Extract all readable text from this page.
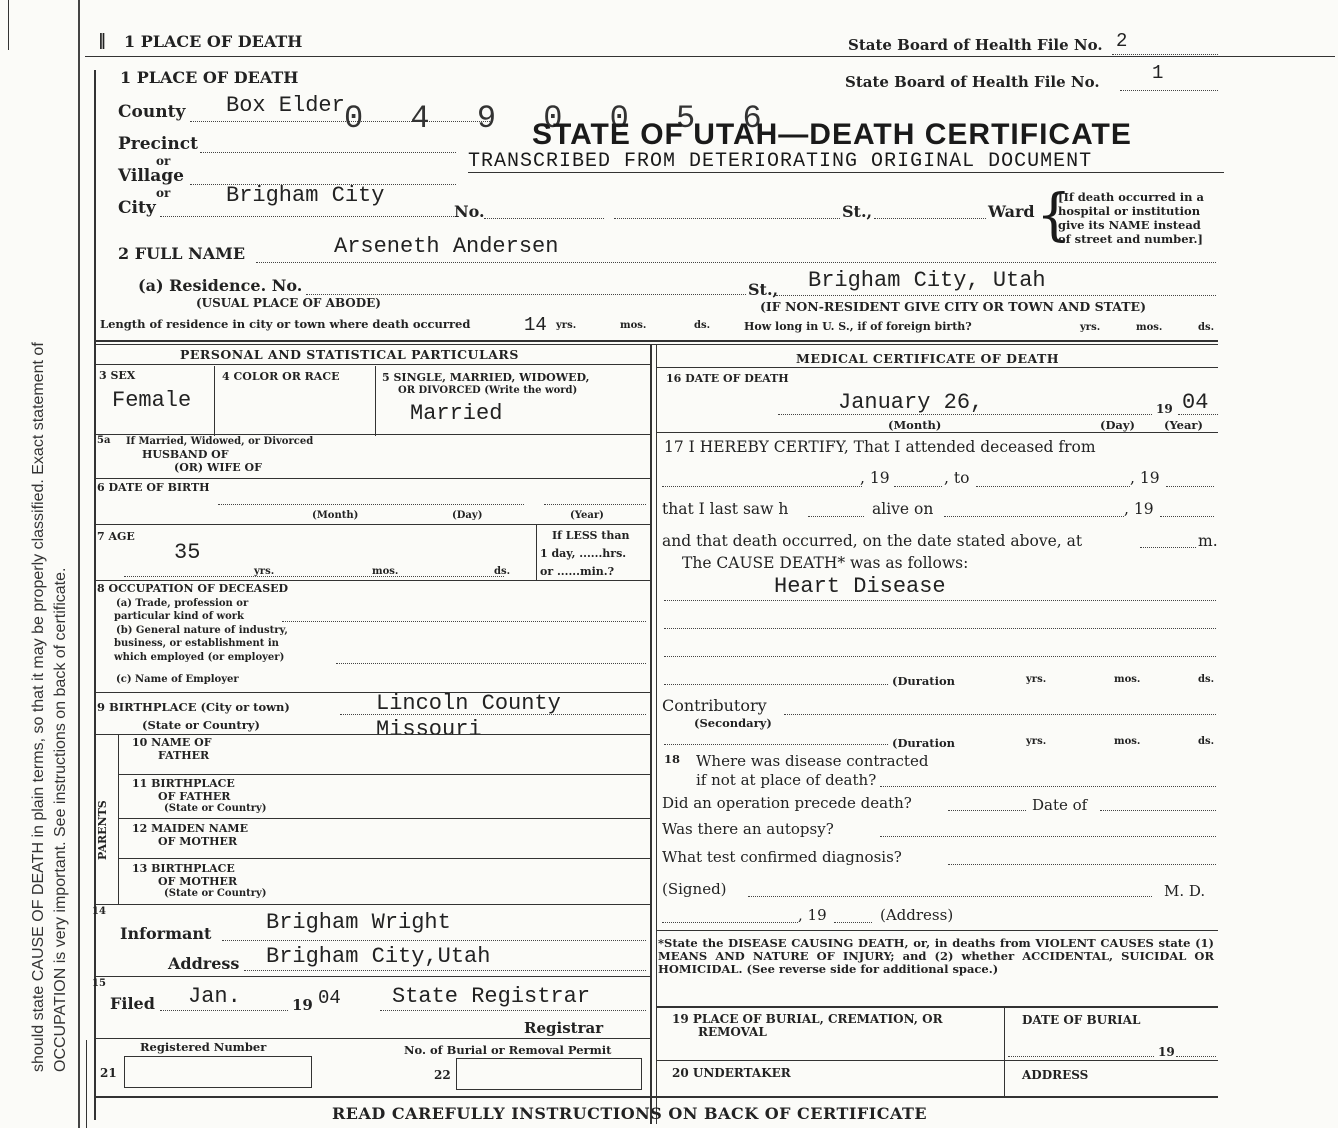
should state CAUSE OF DEATH in plain terms, so that it may be properly classified. Exact statement of OCCUPATION is very important. See instructions on back of certificate.
‖ 1 PLACE OF DEATH	State Board of Health File No. 2
1 PLACE OF DEATH	State Board of Health File No.	1
County Box Elder 0 4 9 0 0 5 6
STATE OF UTAH—DEATH CERTIFICATE
TRANSCRIBED FROM DETERIORATING ORIGINAL DOCUMENT
Precinct
or
Village
or
City	Brigham City
No.	St.,	Ward {
[If death occurred in a
hospital or institution
give its NAME instead
of street and number.]
2 FULL NAME	Arseneth Andersen
(a) Residence. No.	St., Brigham City, Utah
(USUAL PLACE OF ABODE)	(IF NON-RESIDENT GIVE CITY OR TOWN AND STATE)
Length of residence in city or town where death occurred	14 yrs.	mos.	ds.	How long in U. S., if of foreign birth?	yrs.	mos.	ds.
PERSONAL AND STATISTICAL PARTICULARS
3 SEX
Female
4 COLOR OR RACE	5 SINGLE, MARRIED, WIDOWED,
OR DIVORCED (Write the word)
Married
5a If Married, Widowed, or Divorced
HUSBAND OF
(OR) WIFE OF
6 DATE OF BIRTH
(Month)	(Day)	(Year)
7 AGE
35
yrs.	mos.	ds.
If LESS than
1 day, ......hrs.
or ......min.?
8 OCCUPATION OF DECEASED
(a) Trade, profession or
particular kind of work
(b) General nature of industry,
business, or establishment in
which employed (or employer)
(c) Name of Employer
9 BIRTHPLACE (City or town)
(State or Country)
Lincoln County
Missouri
PARENTS
10 NAME OF
FATHER
11 BIRTHPLACE
OF FATHER
(State or Country)
12 MAIDEN NAME
OF MOTHER
13 BIRTHPLACE
OF MOTHER
(State or Country)
14
Informant Brigham Wright
Address Brigham City,Utah
15
Filed Jan.	19 04 State Registrar
Registrar
Registered Number	No. of Burial or Removal Permit
21	22
MEDICAL CERTIFICATE OF DEATH
16 DATE OF DEATH
January 26,	19 04
(Month)	(Day)	(Year)
17 I HEREBY CERTIFY, That I attended deceased from
, 19	, to	, 19
that I last saw h	alive on	, 19
and that death occurred, on the date stated above, at	m.
The CAUSE DEATH* was as follows:
Heart Disease
(Duration	yrs.	mos.	ds.
Contributory
(Secondary)
(Duration	yrs.	mos.	ds.
18 Where was disease contracted
if not at place of death?
Did an operation precede death?	Date of
Was there an autopsy?
What test confirmed diagnosis?
(Signed)	M. D.
, 19	(Address)
*State the DISEASE CAUSING DEATH, or, in deaths from VIOLENT CAUSES state (1) MEANS AND NATURE OF INJURY; and (2) whether ACCIDENTAL, SUICIDAL OR HOMICIDAL. (See reverse side for additional space.)
19 PLACE OF BURIAL, CREMATION, OR
REMOVAL
DATE OF BURIAL
19
20 UNDERTAKER	ADDRESS
READ CAREFULLY INSTRUCTIONS ON BACK OF CERTIFICATE
